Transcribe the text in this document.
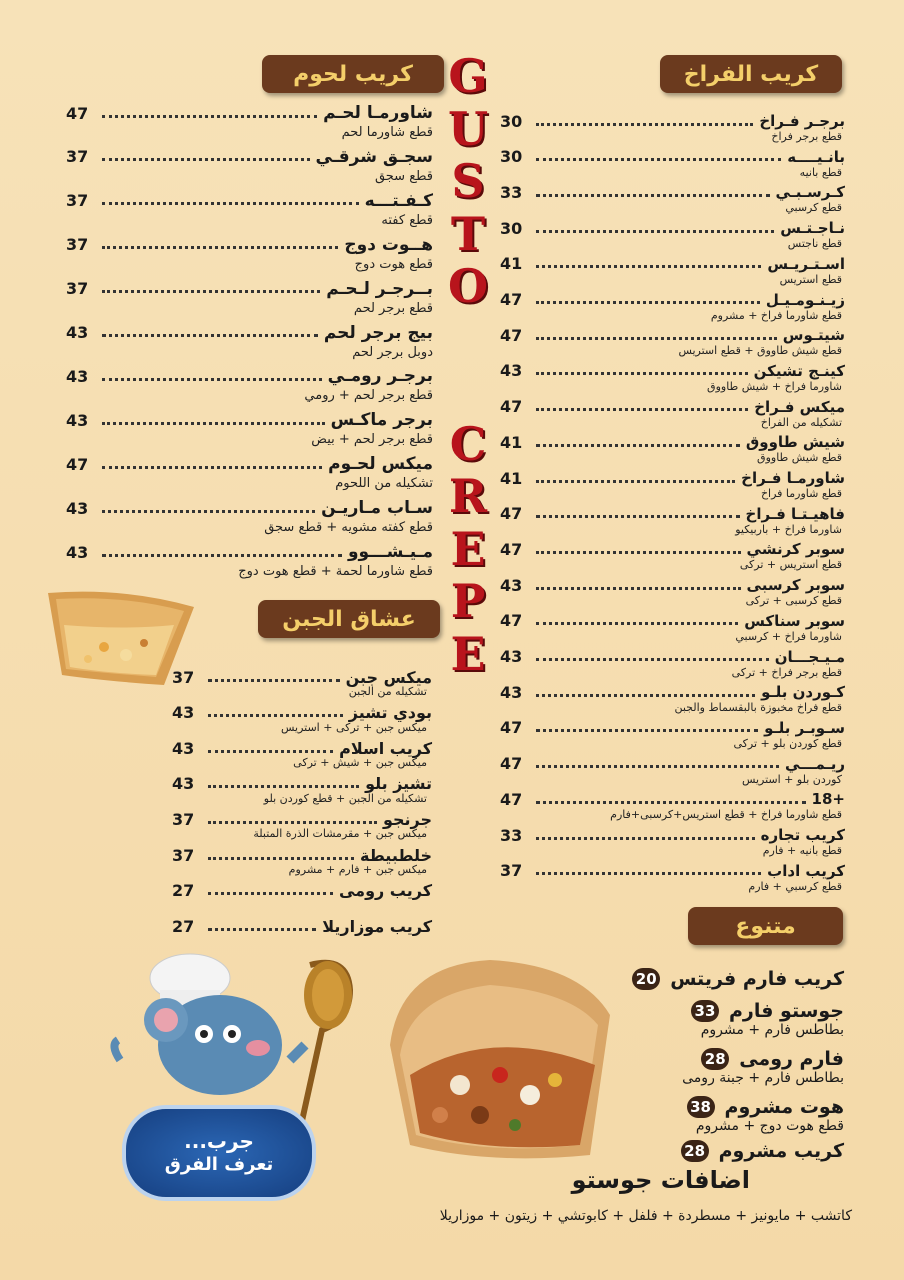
G
U
S
T
O
C
R
E
P
E
كريب الفراخ
كريب لحوم
عشاق الجبن
متنوع
30	برجـر فـراخ
قطع برجر فراخ
30	بانـيــــه
قطع بانيه
33	كـرسـبـي
قطع كرسبي
30	نـاجـتـس
قطع ناجتس
41	اسـتـريـس
قطع استريس
47	زيـنـومـيـل
قطع شاورما فراخ + مشروم
47	شيتـوس
قطع شيش طاووق + قطع استريس
43	كينـج تشيكن
شاورما فراخ + شيش طاووق
47	ميكس فـراخ
تشكيله من الفراخ
41	شيش طاووق
قطع شيش طاووق
41	شاورمـا فـراخ
قطع شاورما فراخ
47	فاهيـتـا فـراخ
شاورما فراخ + باربيكيو
47	سوبر كرنشي
قطع استريس + تركى
43	سوبر كرسبى
قطع كرسبى + تركى
47	سوبر سناكس
شاورما فراخ + كرسبي
43	مـيـجـــان
قطع برجر فراخ + تركى
43	كـوردن بلـو
قطع فراخ مخبوزة بالبقسماط والجبن
47	سـوبـر بلـو
قطع كوردن بلو + تركى
47	ريـمـــي
كوردن بلو + استريس
47	+18
قطع شاورما فراخ + قطع استريس+كرسبى+فارم
33	كريب تجاره
قطع بانيه + فارم
37	كريب اداب
قطع كرسبي + فارم
47	شاورمـا لحـم
قطع شاورما لحم
37	سجـق شرقـي
قطع سجق
37	كـفـتـــه
قطع كفته
37	هــوت دوج
قطع هوت دوج
37	بــرجـر لـحـم
قطع برجر لحم
43	بيج برجر لحم
دوبل برجر لحم
43	برجـر رومـي
قطع برجر لحم + رومي
43	برجر ماكـس
قطع برجر لحم + بيض
47	ميكس لحـوم
تشكيله من اللحوم
43	سـاب مـاريـن
قطع كفته مشويه + قطع سجق
43	مـيـشـــوو
قطع شاورما لحمة + قطع هوت دوج
37	ميكس جبن
تشكيله من الجبن
43	بودي تشيز
ميكس جبن + تركى + استريس
43	كريب اسلام
ميكس جبن + شيش + تركى
43	تشيز بلو
تشكيله من الجبن + قطع كوردن بلو
37	جرنجو
ميكس جبن + مقرمشات الذرة المتبلة
37	خلطبيطة
ميكس جبن + فارم + مشروم
27	كريب رومى
27	كريب موزاريلا
كريب فارم فريتس
20
جوستو فارم
33
بطاطس فارم + مشروم
فارم رومى
28
بطاطس فارم + جبنة رومى
هوت مشروم
38
قطع هوت دوج + مشروم
كريب مشروم
28
جرب...
تعرف الفرق
اضافات جوستو
كاتشب + مايونيز + مسطردة + فلفل + كابوتشي + زيتون + موزاريلا
